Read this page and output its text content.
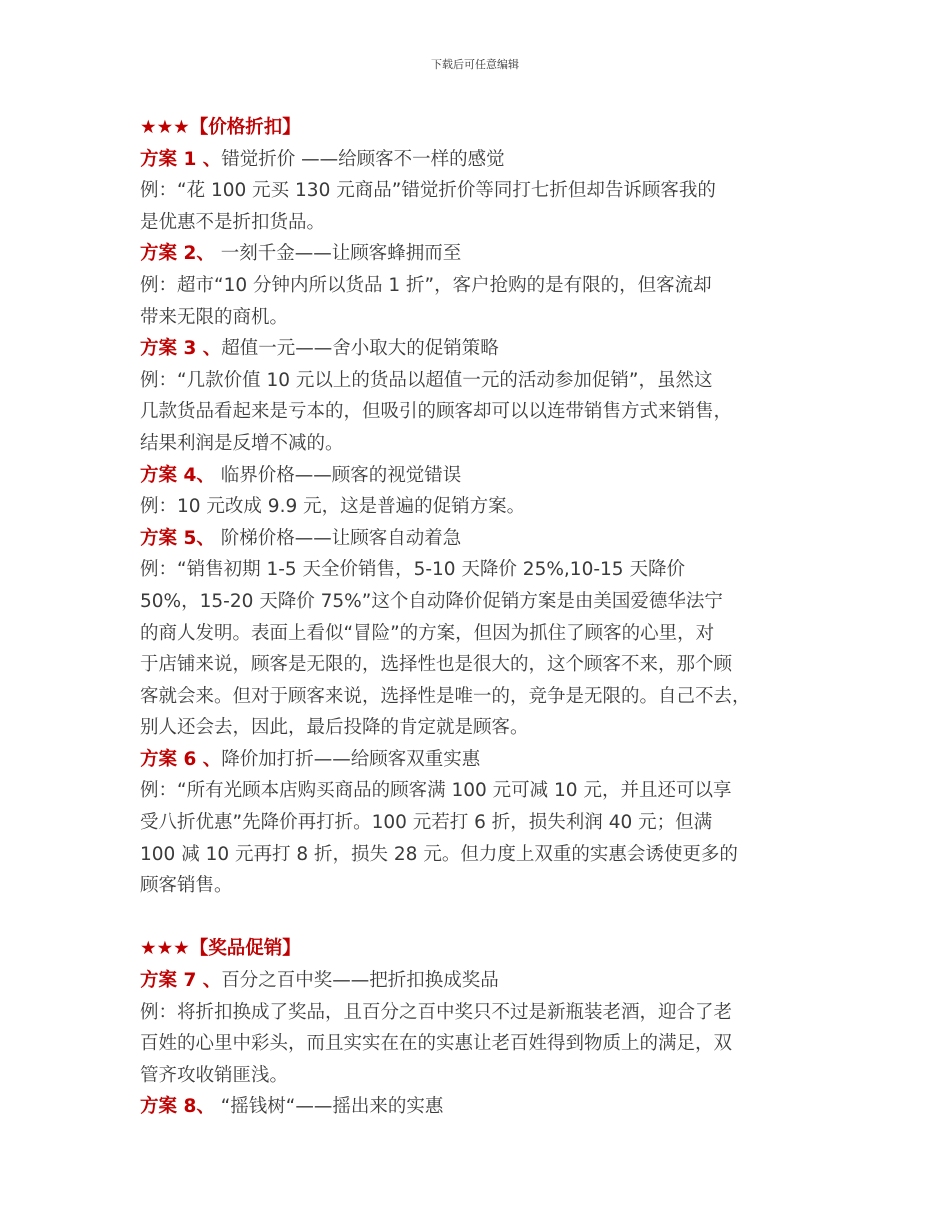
下载后可任意编辑
★★★【价格折扣】
方案 1 、错觉折价 ——给顾客不一样的感觉
例：“花 100 元买 130 元商品”错觉折价等同打七折但却告诉顾客我的
是优惠不是折扣货品。
方案 2、 一刻千金——让顾客蜂拥而至
例：超市“10 分钟内所以货品 1 折”，客户抢购的是有限的，但客流却
带来无限的商机。
方案 3 、超值一元——舍小取大的促销策略
例：“几款价值 10 元以上的货品以超值一元的活动参加促销”，虽然这
几款货品看起来是亏本的，但吸引的顾客却可以以连带销售方式来销售，
结果利润是反增不减的。
方案 4、 临界价格——顾客的视觉错误
例：10 元改成 9.9 元，这是普遍的促销方案。
方案 5、 阶梯价格——让顾客自动着急
例：“销售初期 1-5 天全价销售，5-10 天降价 25%,10-15 天降价
50%，15-20 天降价 75%”这个自动降价促销方案是由美国爱德华法宁
的商人发明。表面上看似“冒险”的方案，但因为抓住了顾客的心里，对
于店铺来说，顾客是无限的，选择性也是很大的，这个顾客不来，那个顾
客就会来。但对于顾客来说，选择性是唯一的，竞争是无限的。自己不去，
别人还会去，因此，最后投降的肯定就是顾客。
方案 6 、降价加打折——给顾客双重实惠
例：“所有光顾本店购买商品的顾客满 100 元可减 10 元，并且还可以享
受八折优惠”先降价再打折。100 元若打 6 折，损失利润 40 元；但满
100 减 10 元再打 8 折，损失 28 元。但力度上双重的实惠会诱使更多的
顾客销售。
★★★【奖品促销】
方案 7 、百分之百中奖——把折扣换成奖品
例：将折扣换成了奖品，且百分之百中奖只不过是新瓶装老酒，迎合了老
百姓的心里中彩头，而且实实在在的实惠让老百姓得到物质上的满足，双
管齐攻收销匪浅。
方案 8、 “摇钱树“——摇出来的实惠
